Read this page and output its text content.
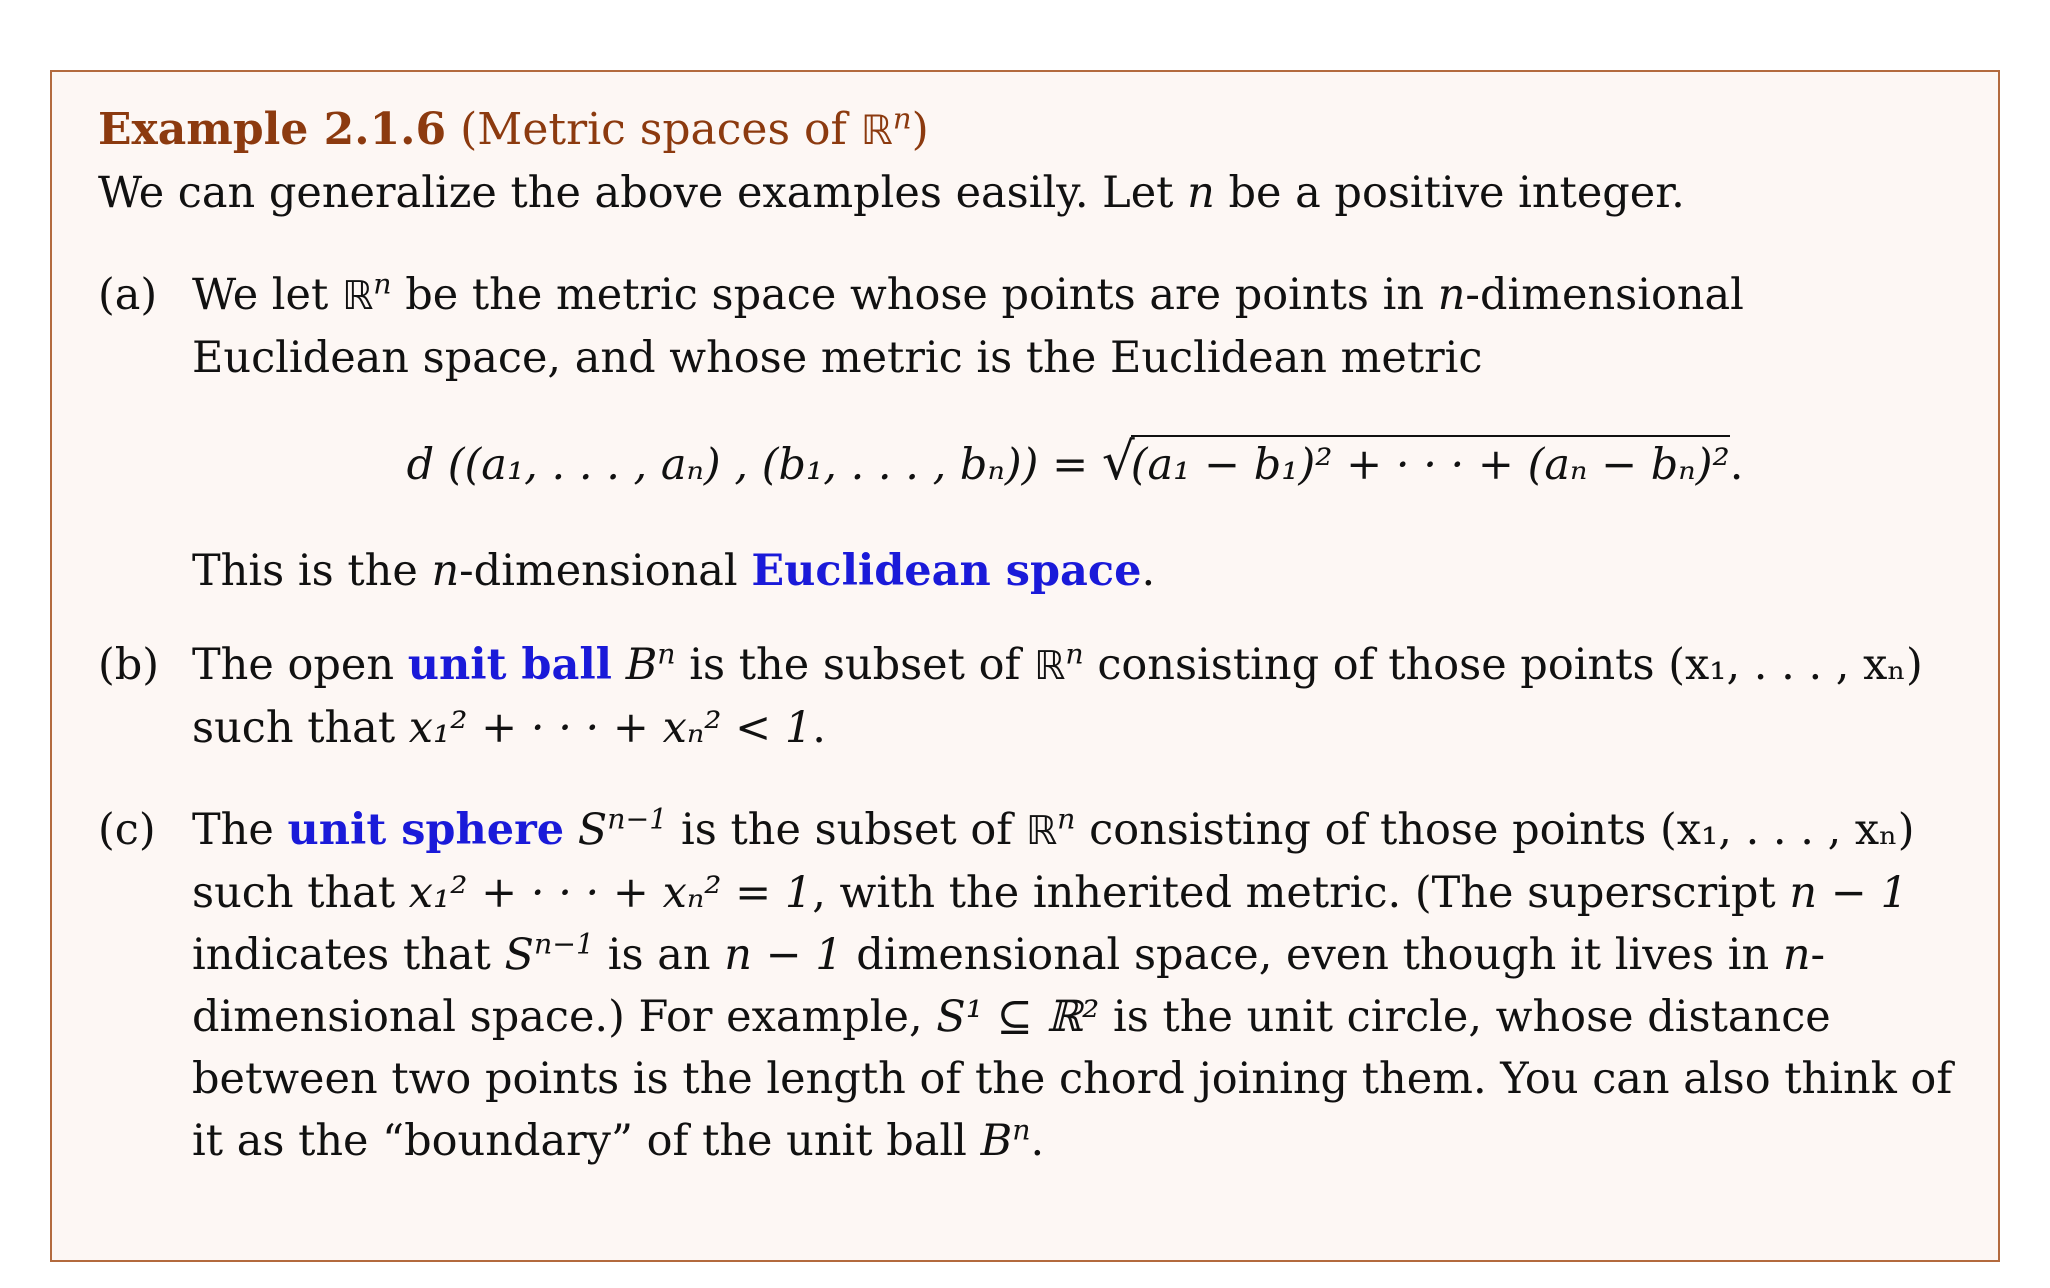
Example 2.1.6 (Metric spaces of ℝ$^n$)
We can generalize the above examples easily. Let n be a positive integer.
(a) We let ℝ$^n$ be the metric space whose points are points in n-dimensional Euclidean space, and whose metric is the Euclidean metric
d ((a₁, . . . , aₙ) , (b₁, . . . , bₙ)) = √(a₁ − b₁)² + · · · + (aₙ − bₙ)².
This is the n-dimensional Euclidean space.
(b) The open unit ball $B^n$ is the subset of ℝ$^n$ consisting of those points (x₁, . . . , xₙ) such that x₁² + · · · + xₙ² < 1.
(c) The unit sphere $S^{n-1}$ is the subset of ℝ$^n$ consisting of those points (x₁, . . . , xₙ) such that x₁² + · · · + xₙ² = 1, with the inherited metric. (The superscript n − 1 indicates that $S^{n-1}$ is an n − 1 dimensional space, even though it lives in n-dimensional space.) For example, S¹ ⊆ ℝ² is the unit circle, whose distance between two points is the length of the chord joining them. You can also think of it as the “boundary” of the unit ball $B^n$.
